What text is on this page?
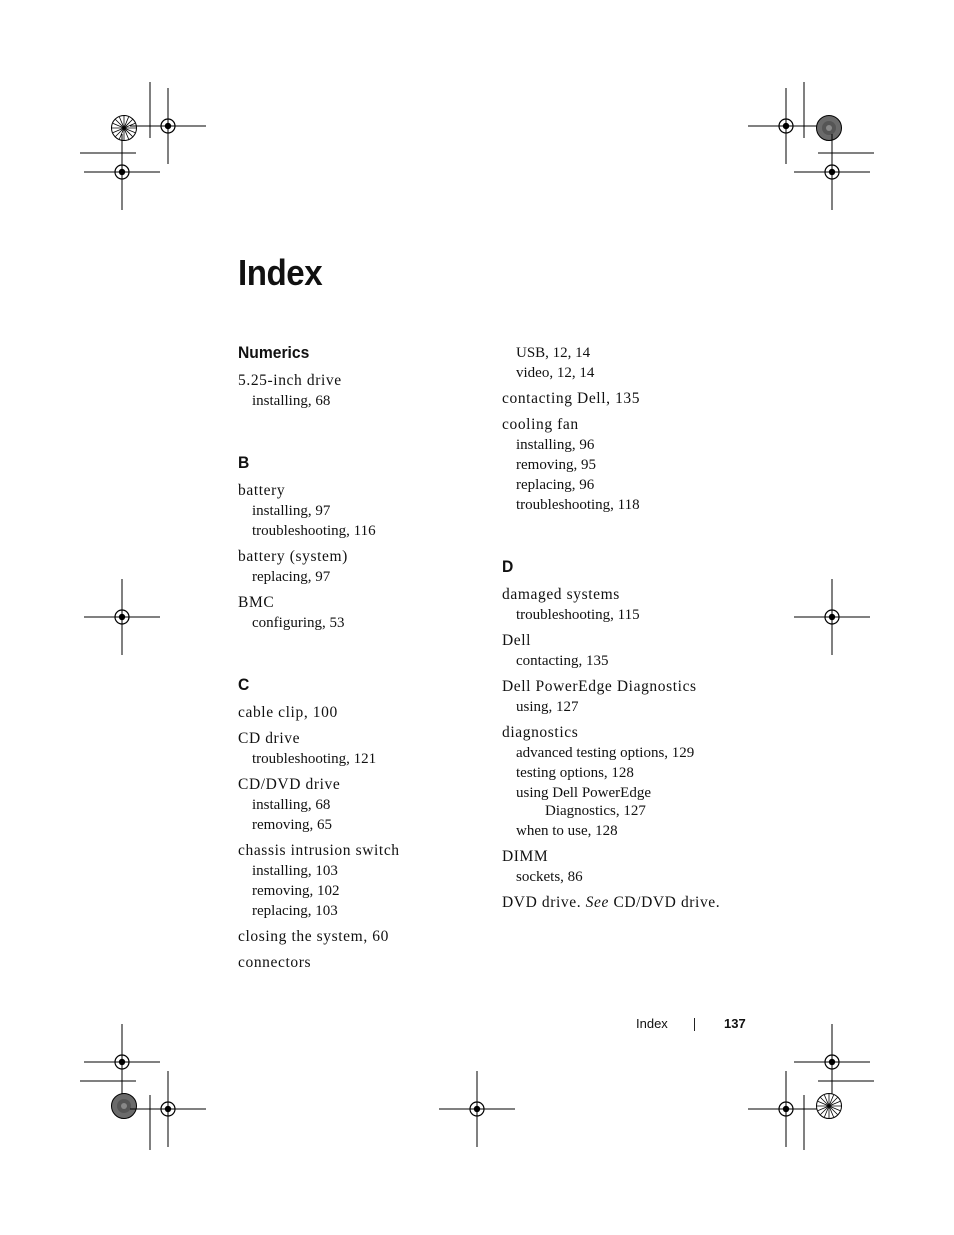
Index
Numerics
5.25-inch drive
installing, 68
B
battery
installing, 97
troubleshooting, 116
battery (system)
replacing, 97
BMC
configuring, 53
C
cable clip, 100
CD drive
troubleshooting, 121
CD/DVD drive
installing, 68
removing, 65
chassis intrusion switch
installing, 103
removing, 102
replacing, 103
closing the system, 60
connectors
USB, 12, 14
video, 12, 14
contacting Dell, 135
cooling fan
installing, 96
removing, 95
replacing, 96
troubleshooting, 118
D
damaged systems
troubleshooting, 115
Dell
contacting, 135
Dell PowerEdge Diagnostics
using, 127
diagnostics
advanced testing options, 129
testing options, 128
using Dell PowerEdge
Diagnostics, 127
when to use, 128
DIMM
sockets, 86
DVD drive. See CD/DVD drive.
Index	137
